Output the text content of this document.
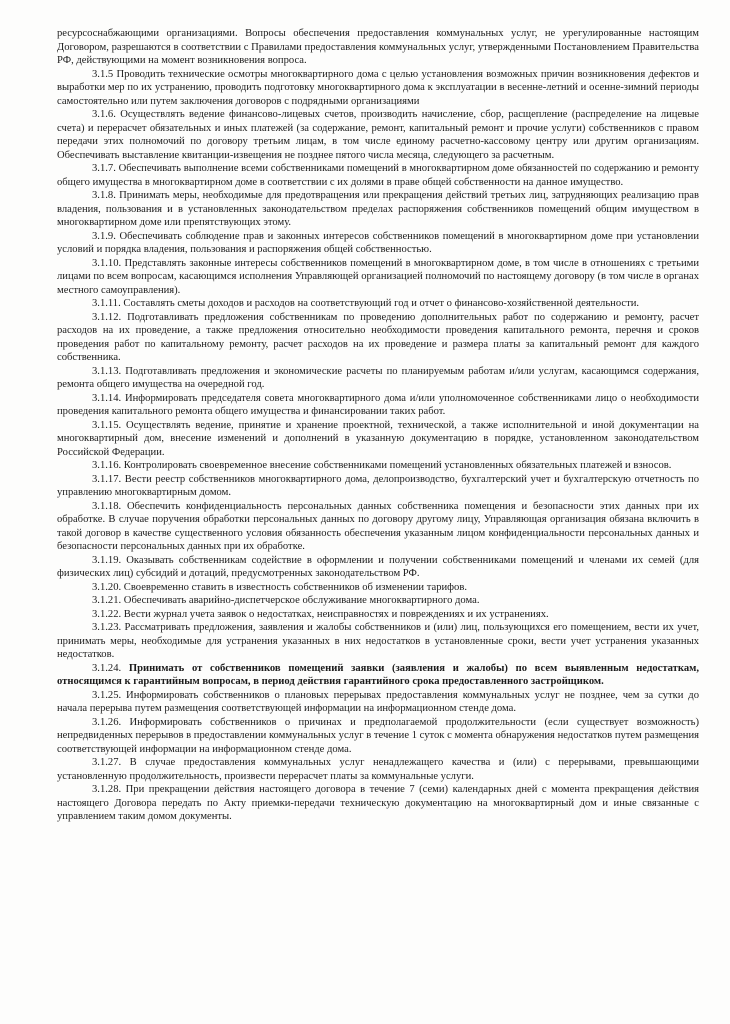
ресурсоснабжающими организациями. Вопросы обеспечения предоставления коммунальных услуг, не урегулированные настоящим Договором, разрешаются в соответствии с Правилами предоставления коммунальных услуг, утвержденными Постановлением Правительства РФ, действующими на момент возникновения вопроса.

3.1.5 Проводить технические осмотры многоквартирного дома с целью установления возможных причин возникновения дефектов и выработки мер по их устранению, проводить подготовку многоквартирного дома к эксплуатации в весенне-летний и осенне-зимний периоды самостоятельно или путем заключения договоров с подрядными организациями

3.1.6. Осуществлять ведение финансово-лицевых счетов, производить начисление, сбор, расщепление (распределение на лицевые счета) и перерасчет обязательных и иных платежей (за содержание, ремонт, капитальный ремонт и прочие услуги) собственников с правом передачи этих полномочий по договору третьим лицам, в том числе единому расчетно-кассовому центру или другим организациям. Обеспечивать выставление квитанции-извещения не позднее пятого числа месяца, следующего за расчетным.

3.1.7. Обеспечивать выполнение всеми собственниками помещений в многоквартирном доме обязанностей по содержанию и ремонту общего имущества в многоквартирном доме в соответствии с их долями в праве общей собственности на данное имущество.

3.1.8. Принимать меры, необходимые для предотвращения или прекращения действий третьих лиц, затрудняющих реализацию прав владения, пользования и в установленных законодательством пределах распоряжения собственников помещений общим имуществом в многоквартирном доме или препятствующих этому.

3.1.9. Обеспечивать соблюдение прав и законных интересов собственников помещений в многоквартирном доме при установлении условий и порядка владения, пользования и распоряжения общей собственностью.

3.1.10. Представлять законные интересы собственников помещений в многоквартирном доме, в том числе в отношениях с третьими лицами по всем вопросам, касающимся исполнения Управляющей организацией полномочий по настоящему договору (в том числе в органах местного самоуправления).

3.1.11. Составлять сметы доходов и расходов на соответствующий год и отчет о финансово-хозяйственной деятельности.

3.1.12. Подготавливать предложения собственникам по проведению дополнительных работ по содержанию и ремонту, расчет расходов на их проведение, а также предложения относительно необходимости проведения капитального ремонта, перечня и сроков проведения работ по капитальному ремонту, расчет расходов на их проведение и размера платы за капитальный ремонт для каждого собственника.

3.1.13. Подготавливать предложения и экономические расчеты по планируемым работам и/или услугам, касающимся содержания, ремонта общего имущества на очередной год.

3.1.14. Информировать председателя совета многоквартирного дома и/или уполномоченное собственниками лицо о необходимости проведения капитального ремонта общего имущества и финансировании таких работ.

3.1.15. Осуществлять ведение, принятие и хранение проектной, технической, а также исполнительной и иной документации на многоквартирный дом, внесение изменений и дополнений в указанную документацию в порядке, установленном законодательством Российской Федерации.

3.1.16. Контролировать своевременное внесение собственниками помещений установленных обязательных платежей и взносов.

3.1.17. Вести реестр собственников многоквартирного дома, делопроизводство, бухгалтерский учет и бухгалтерскую отчетность по управлению многоквартирным домом.

3.1.18. Обеспечить конфиденциальность персональных данных собственника помещения и безопасности этих данных при их обработке. В случае поручения обработки персональных данных по договору другому лицу, Управляющая организация обязана включить в такой договор в качестве существенного условия обязанность обеспечения указанным лицом конфиденциальности персональных данных и безопасности персональных данных при их обработке.

3.1.19. Оказывать собственникам содействие в оформлении и получении собственниками помещений и членами их семей (для физических лиц) субсидий и дотаций, предусмотренных законодательством РФ.

3.1.20. Своевременно ставить в известность собственников об изменении тарифов.

3.1.21. Обеспечивать аварийно-диспетчерское обслуживание многоквартирного дома.

3.1.22. Вести журнал учета заявок о недостатках, неисправностях и повреждениях и их устранениях.

3.1.23. Рассматривать предложения, заявления и жалобы собственников и (или) лиц, пользующихся его помещением, вести их учет, принимать меры, необходимые для устранения указанных в них недостатков в установленные сроки, вести учет устранения указанных недостатков.

3.1.24. Принимать от собственников помещений заявки (заявления и жалобы) по всем выявленным недостаткам, относящимся к гарантийным вопросам, в период действия гарантийного срока предоставленного застройщиком.

3.1.25. Информировать собственников о плановых перерывах предоставления коммунальных услуг не позднее, чем за сутки до начала перерыва путем размещения соответствующей информации на информационном стенде дома.

3.1.26. Информировать собственников о причинах и предполагаемой продолжительности (если существует возможность) непредвиденных перерывов в предоставлении коммунальных услуг в течение 1 суток с момента обнаружения недостатков путем размещения соответствующей информации на информационном стенде дома.

3.1.27. В случае предоставления коммунальных услуг ненадлежащего качества и (или) с перерывами, превышающими установленную продолжительность, произвести перерасчет платы за коммунальные услуги.

3.1.28. При прекращении действия настоящего договора в течение 7 (семи) календарных дней с момента прекращения действия настоящего Договора передать по Акту приемки-передачи техническую документацию на многоквартирный дом и иные связанные с управлением таким домом документы.
